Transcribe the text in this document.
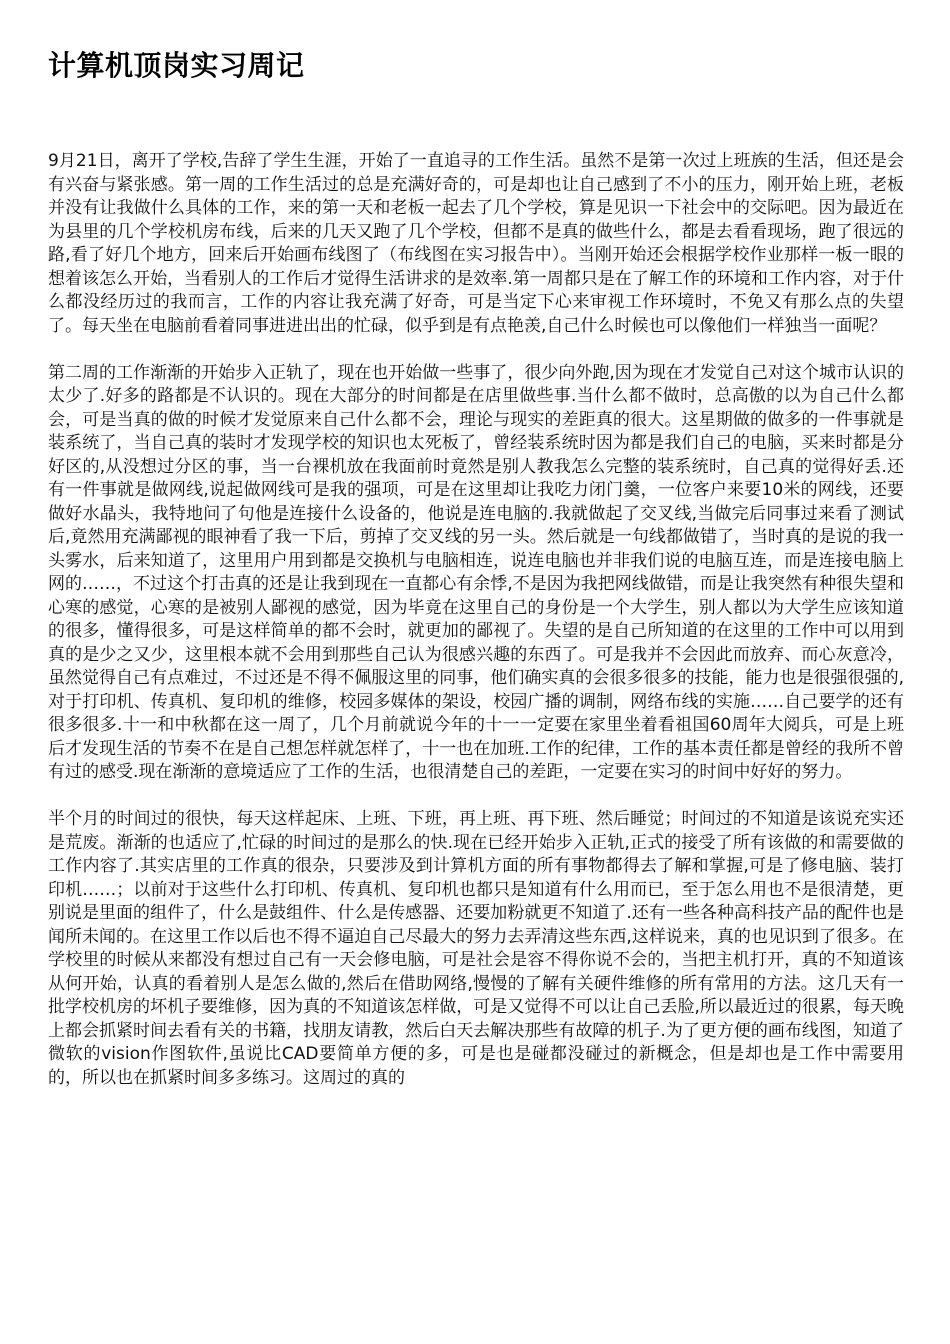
计算机顶岗实习周记

9月21日，离开了学校,告辞了学生生涯，开始了一直追寻的工作生活。虽然不是第一次过上班族的生活，但还是会有兴奋与紧张感。第一周的工作生活过的总是充满好奇的，可是却也让自己感到了不小的压力，刚开始上班，老板并没有让我做什么具体的工作，来的第一天和老板一起去了几个学校，算是见识一下社会中的交际吧。因为最近在为县里的几个学校机房布线，后来的几天又跑了几个学校，但都不是真的做些什么，都是去看看现场，跑了很远的路,看了好几个地方，回来后开始画布线图了（布线图在实习报告中）。当刚开始还会根据学校作业那样一板一眼的想着该怎么开始，当看别人的工作后才觉得生活讲求的是效率.第一周都只是在了解工作的环境和工作内容，对于什么都没经历过的我而言，工作的内容让我充满了好奇，可是当定下心来审视工作环境时，不免又有那么点的失望了。每天坐在电脑前看着同事进进出出的忙碌，似乎到是有点艳羡,自己什么时候也可以像他们一样独当一面呢？

第二周的工作渐渐的开始步入正轨了，现在也开始做一些事了，很少向外跑,因为现在才发觉自己对这个城市认识的太少了.好多的路都是不认识的。现在大部分的时间都是在店里做些事.当什么都不做时，总高傲的以为自己什么都会，可是当真的做的时候才发觉原来自己什么都不会，理论与现实的差距真的很大。这星期做的做多的一件事就是装系统了，当自己真的装时才发现学校的知识也太死板了，曾经装系统时因为都是我们自己的电脑，买来时都是分好区的,从没想过分区的事，当一台裸机放在我面前时竟然是别人教我怎么完整的装系统时，自己真的觉得好丢.还有一件事就是做网线,说起做网线可是我的强项，可是在这里却让我吃力闭门羹，一位客户来要10米的网线，还要做好水晶头，我特地问了句他是连接什么设备的，他说是连电脑的.我就做起了交叉线,当做完后同事过来看了测试后,竟然用充满鄙视的眼神看了我一下后，剪掉了交叉线的另一头。然后就是一句线都做错了，当时真的是说的我一头雾水，后来知道了，这里用户用到都是交换机与电脑相连，说连电脑也并非我们说的电脑互连，而是连接电脑上网的……，不过这个打击真的还是让我到现在一直都心有余悸,不是因为我把网线做错，而是让我突然有种很失望和心寒的感觉，心寒的是被别人鄙视的感觉，因为毕竟在这里自己的身份是一个大学生，别人都以为大学生应该知道的很多，懂得很多，可是这样简单的都不会时，就更加的鄙视了。失望的是自己所知道的在这里的工作中可以用到真的是少之又少，这里根本就不会用到那些自己认为很感兴趣的东西了。可是我并不会因此而放弃、而心灰意冷，虽然觉得自己有点难过，不过还是不得不佩服这里的同事，他们确实真的会很多很多的技能，能力也是很强很强的,对于打印机、传真机、复印机的维修，校园多媒体的架设，校园广播的调制，网络布线的实施……自己要学的还有很多很多.十一和中秋都在这一周了，几个月前就说今年的十一一定要在家里坐着看祖国60周年大阅兵，可是上班后才发现生活的节奏不在是自己想怎样就怎样了，十一也在加班.工作的纪律，工作的基本责任都是曾经的我所不曾有过的感受.现在渐渐的意境适应了工作的生活，也很清楚自己的差距，一定要在实习的时间中好好的努力。

半个月的时间过的很快，每天这样起床、上班、下班，再上班、再下班、然后睡觉；时间过的不知道是该说充实还是荒废。渐渐的也适应了,忙碌的时间过的是那么的快.现在已经开始步入正轨,正式的接受了所有该做的和需要做的工作内容了.其实店里的工作真的很杂，只要涉及到计算机方面的所有事物都得去了解和掌握,可是了修电脑、装打印机……；以前对于这些什么打印机、传真机、复印机也都只是知道有什么用而已，至于怎么用也不是很清楚，更别说是里面的组件了，什么是鼓组件、什么是传感器、还要加粉就更不知道了.还有一些各种高科技产品的配件也是闻所未闻的。在这里工作以后也不得不逼迫自己尽最大的努力去弄清这些东西,这样说来，真的也见识到了很多。在学校里的时候从来都没有想过自己有一天会修电脑，可是社会是容不得你说不会的，当把主机打开，真的不知道该从何开始，认真的看着别人是怎么做的,然后在借助网络,慢慢的了解有关硬件维修的所有常用的方法。这几天有一批学校机房的坏机子要维修，因为真的不知道该怎样做，可是又觉得不可以让自己丢脸,所以最近过的很累，每天晚上都会抓紧时间去看有关的书籍，找朋友请教，然后白天去解决那些有故障的机子.为了更方便的画布线图，知道了微软的vision作图软件,虽说比CAD要简单方便的多，可是也是碰都没碰过的新概念，但是却也是工作中需要用的，所以也在抓紧时间多多练习。这周过的真的
